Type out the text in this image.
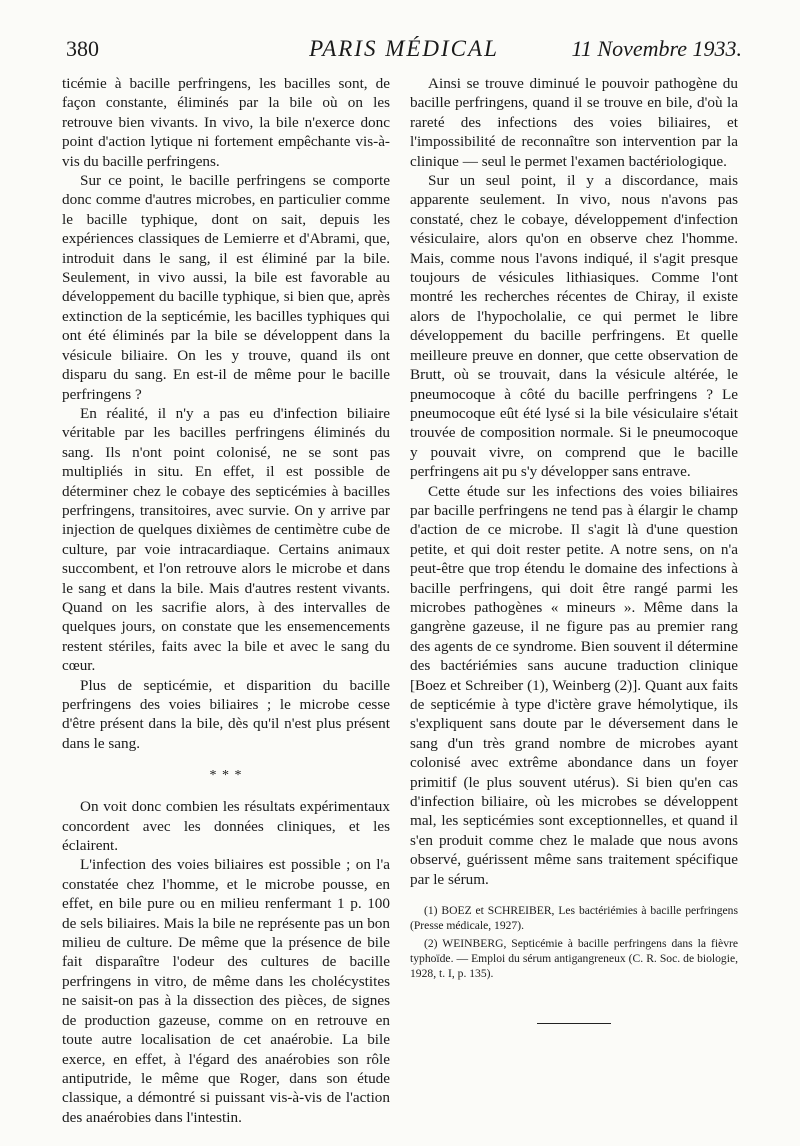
380	PARIS MÉDICAL	11 Novembre 1933.

ticémie à bacille perfringens, les bacilles sont, de façon constante, éliminés par la bile où on les retrouve bien vivants. In vivo, la bile n'exerce donc point d'action lytique ni fortement empêchante vis-à-vis du bacille perfringens.

Sur ce point, le bacille perfringens se comporte donc comme d'autres microbes, en particulier comme le bacille typhique, dont on sait, depuis les expériences classiques de Lemierre et d'Abrami, que, introduit dans le sang, il est éliminé par la bile. Seulement, in vivo aussi, la bile est favorable au développement du bacille typhique, si bien que, après extinction de la septicémie, les bacilles typhiques qui ont été éliminés par la bile se développent dans la vésicule biliaire. On les y trouve, quand ils ont disparu du sang. En est-il de même pour le bacille perfringens ?

En réalité, il n'y a pas eu d'infection biliaire véritable par les bacilles perfringens éliminés du sang. Ils n'ont point colonisé, ne se sont pas multipliés in situ. En effet, il est possible de déterminer chez le cobaye des septicémies à bacilles perfringens, transitoires, avec survie. On y arrive par injection de quelques dixièmes de centimètre cube de culture, par voie intracardiaque. Certains animaux succombent, et l'on retrouve alors le microbe et dans le sang et dans la bile. Mais d'autres restent vivants. Quand on les sacrifie alors, à des intervalles de quelques jours, on constate que les ensemencements restent stériles, faits avec la bile et avec le sang du cœur.

Plus de septicémie, et disparition du bacille perfringens des voies biliaires ; le microbe cesse d'être présent dans la bile, dès qu'il n'est plus présent dans le sang.

* * *

On voit donc combien les résultats expérimentaux concordent avec les données cliniques, et les éclairent.

L'infection des voies biliaires est possible ; on l'a constatée chez l'homme, et le microbe pousse, en effet, en bile pure ou en milieu renfermant 1 p. 100 de sels biliaires. Mais la bile ne représente pas un bon milieu de culture. De même que la présence de bile fait disparaître l'odeur des cultures de bacille perfringens in vitro, de même dans les cholécystites ne saisit-on pas à la dissection des pièces, de signes de production gazeuse, comme on en retrouve en toute autre localisation de cet anaérobie. La bile exerce, en effet, à l'égard des anaérobies son rôle antiputride, le même que Roger, dans son étude classique, a démontré si puissant vis-à-vis de l'action des anaérobies dans l'intestin.

Ainsi se trouve diminué le pouvoir pathogène du bacille perfringens, quand il se trouve en bile, d'où la rareté des infections des voies biliaires, et l'impossibilité de reconnaître son intervention par la clinique — seul le permet l'examen bactériologique.

Sur un seul point, il y a discordance, mais apparente seulement. In vivo, nous n'avons pas constaté, chez le cobaye, développement d'infection vésiculaire, alors qu'on en observe chez l'homme. Mais, comme nous l'avons indiqué, il s'agit presque toujours de vésicules lithiasiques. Comme l'ont montré les recherches récentes de Chiray, il existe alors de l'hypocholalie, ce qui permet le libre développement du bacille perfringens. Et quelle meilleure preuve en donner, que cette observation de Brutt, où se trouvait, dans la vésicule altérée, le pneumocoque à côté du bacille perfringens ? Le pneumocoque eût été lysé si la bile vésiculaire s'était trouvée de composition normale. Si le pneumocoque y pouvait vivre, on comprend que le bacille perfringens ait pu s'y développer sans entrave.

Cette étude sur les infections des voies biliaires par bacille perfringens ne tend pas à élargir le champ d'action de ce microbe. Il s'agit là d'une question petite, et qui doit rester petite. A notre sens, on n'a peut-être que trop étendu le domaine des infections à bacille perfringens, qui doit être rangé parmi les microbes pathogènes « mineurs ». Même dans la gangrène gazeuse, il ne figure pas au premier rang des agents de ce syndrome. Bien souvent il détermine des bactériémies sans aucune traduction clinique [Boez et Schreiber (1), Weinberg (2)]. Quant aux faits de septicémie à type d'ictère grave hémolytique, ils s'expliquent sans doute par le déversement dans le sang d'un très grand nombre de microbes ayant colonisé avec extrême abondance dans un foyer primitif (le plus souvent utérus). Si bien qu'en cas d'infection biliaire, où les microbes se développent mal, les septicémies sont exceptionnelles, et quand il s'en produit comme chez le malade que nous avons observé, guérissent même sans traitement spécifique par le sérum.

(1) BOEZ et SCHREIBER, Les bactériémies à bacille perfringens (Presse médicale, 1927).

(2) WEINBERG, Septicémie à bacille perfringens dans la fièvre typhoïde. — Emploi du sérum antigangreneux (C. R. Soc. de biologie, 1928, t. I, p. 135).
